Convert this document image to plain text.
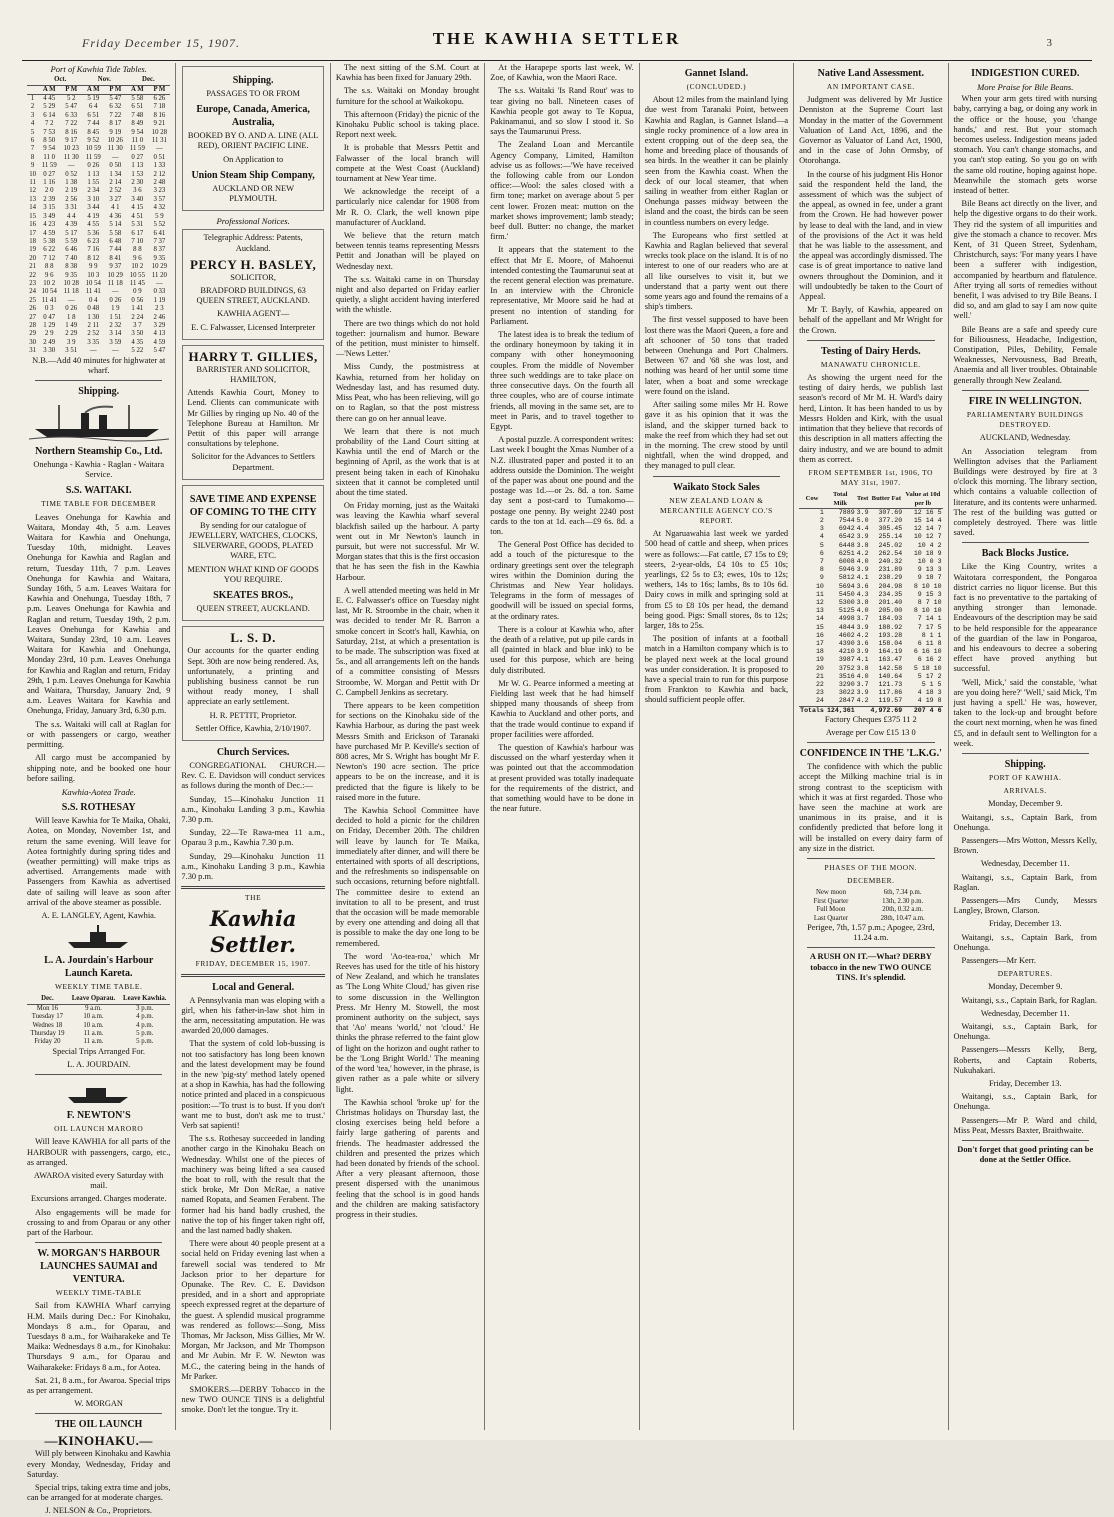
Friday December 15, 1907.	THE KAWHIA SETTLER	3
Port of Kawhia Tide Tables.
	Oct.		Nov.		Dec.	
	A M	P M	A M	P M	A M	P M
1	4 45	5 2	5 19	5 47	5 58	6 26
2	5 29	5 47	6 4	6 32	6 51	7 18
3	6 14	6 33	6 51	7 22	7 48	8 16
4	7 2	7 22	7 44	8 17	8 49	9 21
5	7 53	8 16	8 45	9 19	9 54	10 28
6	8 50	9 17	9 52	10 26	11 0	11 31
7	9 54	10 23	10 59	11 30	11 59	—
8	11 0	11 30	11 59	—	0 27	0 51
9	11 59	—	0 26	0 50	1 13	1 33
10	0 27	0 52	1 13	1 34	1 53	2 12
11	1 16	1 38	1 55	2 14	2 30	2 48
12	2 0	2 19	2 34	2 52	3 6	3 23
13	2 39	2 56	3 10	3 27	3 40	3 57
14	3 15	3 31	3 44	4 1	4 15	4 32
15	3 49	4 4	4 19	4 36	4 51	5 9
16	4 23	4 39	4 55	5 14	5 31	5 52
17	4 59	5 17	5 36	5 58	6 17	6 41
18	5 38	5 59	6 23	6 48	7 10	7 37
19	6 22	6 46	7 16	7 44	8 8	8 37
20	7 12	7 40	8 12	8 41	9 6	9 35
21	8 8	8 38	9 9	9 37	10 2	10 29
22	9 6	9 35	10 3	10 29	10 55	11 20
23	10 2	10 28	10 54	11 18	11 45	—
24	10 54	11 18	11 41	—	0 9	0 33
25	11 41	—	0 4	0 26	0 56	1 19
26	0 3	0 26	0 48	1 9	1 41	2 3
27	0 47	1 8	1 30	1 51	2 24	2 46
28	1 29	1 49	2 11	2 32	3 7	3 29
29	2 9	2 29	2 52	3 14	3 50	4 13
30	2 49	3 9	3 35	3 59	4 35	4 59
31	3 30	3 51	—	—	5 22	5 47

N.B.—Add 40 minutes for highwater at wharf.

Shipping.
Northern Steamship Co., Ltd.

Onehunga - Kawhia - Raglan - Waitara Service.

S.S. WAITAKI.
TIME TABLE FOR DECEMBER

Leaves Onehunga for Kawhia and Waitara, Monday 4th, 5 a.m. Leaves Waitara for Kawhia and Onehunga, Tuesday 10th, midnight. Leaves Onehunga for Kawhia and Raglan and return, Tuesday 11th, 7 p.m. Leaves Onehunga for Kawhia and Waitara, Sunday 16th, 5 a.m. Leaves Waitara for Kawhia and Onehunga, Tuesday 18th, 7 p.m. Leaves Onehunga for Kawhia and Raglan and return, Tuesday 19th, 2 p.m. Leaves Onehunga for Kawhia and Waitara, Sunday 23rd, 10 a.m. Leaves Waitara for Kawhia and Onehunga, Monday 23rd, 10 p.m. Leaves Onehunga for Kawhia and Raglan and return, Friday 29th, 1 p.m. Leaves Onehunga for Kawhia and Waitara, Thursday, January 2nd, 9 a.m. Leaves Waitara for Kawhia and Onehunga, Friday, January 3rd, 6.30 p.m.

The s.s. Waitaki will call at Raglan for or with passengers or cargo, weather permitting.

All cargo must be accompanied by shipping note, and be booked one hour before sailing.

Kawhia-Aotea Trade.
S.S. ROTHESAY

Will leave Kawhia for Te Maika, Ohaki, Aotea, on Monday, November 1st, and return the same evening. Will leave for Aotea fortnightly during spring tides and (weather permitting) will make trips as advertised. Arrangements made with Passengers from Kawhia as advertised date of sailing will leave as soon after arrival of the above steamer as possible.

A. E. LANGLEY, Agent, Kawhia.

L. A. Jourdain's Harbour Launch Kareta.
WEEKLY TIME TABLE.
Dec.	Leave Oparau.	Leave Kawhia.
Mon 16	9 a.m.	3 p.m.
Tuesday 17	10 a.m.	4 p.m.
Wednes 18	10 a.m.	4 p.m.
Thursday 19	11 a.m.	5 p.m.
Friday 20	11 a.m.	5 p.m.

Special Trips Arranged For.

L. A. JOURDAIN.

F. NEWTON'S
OIL LAUNCH MARORO

Will leave KAWHIA for all parts of the HARBOUR with passengers, cargo, etc., as arranged.

AWAROA visited every Saturday with mail.

Excursions arranged. Charges moderate.

Also engagements will be made for crossing to and from Oparau or any other part of the Harbour.

W. MORGAN'S HARBOUR LAUNCHES SAUMAI and VENTURA.
WEEKLY TIME-TABLE

Sail from KAWHIA Wharf carrying H.M. Mails during Dec.: For Kinohaku, Mondays 8 a.m., for Oparau, and Tuesdays 8 a.m., for Waiharakeke and Te Maika: Wednesdays 8 a.m., for Kinohaku: Thursdays 9 a.m., for Oparau and Waiharakeke: Fridays 8 a.m., for Aotea.

Sat. 21, 8 a.m., for Awaroa. Special trips as per arrangement.

W. MORGAN

THE OIL LAUNCH
—KINOHAKU.—

Will ply between Kinohaku and Kawhia every Monday, Wednesday, Friday and Saturday.

Special trips, taking extra time and jobs, can be arranged for at moderate charges.

J. NELSON & Co., Proprietors.

Shipping.

PASSAGES TO OR FROM

Europe, Canada, America, Australia,

BOOKED BY O. AND A. LINE (ALL RED), ORIENT PACIFIC LINE.

On Application to

Union Steam Ship Company,

AUCKLAND OR NEW PLYMOUTH.

Professional Notices.

Telegraphic Address: Patents, Auckland.

PERCY H. BASLEY,

SOLICITOR,

BRADFORD BUILDINGS, 63 QUEEN STREET, AUCKLAND.

KAWHIA AGENT—

E. C. Falwasser, Licensed Interpreter

HARRY T. GILLIES,

BARRISTER AND SOLICITOR, HAMILTON,

Attends Kawhia Court, Money to Lend. Clients can communicate with Mr Gillies by ringing up No. 40 of the Telephone Bureau at Hamilton. Mr Pettit of this paper will arrange consultations by telephone.

Solicitor for the Advances to Settlers Department.

SAVE TIME AND EXPENSE OF COMING TO THE CITY

By sending for our catalogue of JEWELLERY, WATCHES, CLOCKS, SILVERWARE, GOODS, PLATED WARE, ETC.

MENTION WHAT KIND OF GOODS YOU REQUIRE.

SKEATES BROS.,

QUEEN STREET, AUCKLAND.

L. S. D.

Our accounts for the quarter ending Sept. 30th are now being rendered. As, unfortunately, a printing and publishing business cannot be run without ready money, I shall appreciate an early settlement.

H. R. PETTIT, Proprietor.

Settler Office, Kawhia, 2/10/1907.

Church Services.

CONGREGATIONAL CHURCH.—Rev. C. E. Davidson will conduct services as follows during the month of Dec.:—

Sunday, 15—Kinohaku Junction 11 a.m., Kinohaku Landing 3 p.m., Kawhia 7.30 p.m.

Sunday, 22—Te Rawa-mea 11 a.m., Oparau 3 p.m., Kawhia 7.30 p.m.

Sunday, 29—Kinohaku Junction 11 a.m., Kinohaku Landing 3 p.m., Kawhia 7.30 p.m.

THE
Kawhia Settler.
FRIDAY, DECEMBER 15, 1907.
Local and General.

A Pennsylvania man was eloping with a girl, when his father-in-law shot him in the arm, necessitating amputation. He was awarded 20,000 damages.

That the system of cold lob-bussing is not too satisfactory has long been known and the latest development may be found in the new 'pig-sty' method lately opened at a shop in Kawhia, has had the following notice printed and placed in a conspicuous position:—'To trust is to bust. If you don't want me to bust, don't ask me to trust.' Verb sat sapienti!

The s.s. Rothesay succeeded in landing another cargo in the Kinohaku Beach on Wednesday. Whilst one of the pieces of machinery was being lifted a sea caused the boat to roll, with the result that the stick broke, Mr Don McRae, a native named Ropata, and Seamen Ferabent. The former had his hand badly crushed, the native the top of his finger taken right off, and the last named badly shaken.

There were about 40 people present at a social held on Friday evening last when a farewell social was tendered to Mr Jackson prior to her departure for Opunake. The Rev. C. E. Davidson presided, and in a short and appropriate speech expressed regret at the departure of the guest. A splendid musical programme was rendered as follows:—Song, Miss Thomas, Mr Jackson, Miss Gillies, Mr W. Morgan, Mr Jackson, and Mr Thompson and Mr Aubin. Mr F. W. Newton was M.C., the catering being in the hands of Mr Parker.

SMOKERS.—DERBY Tobacco in the new TWO OUNCE TINS is a delightful smoke. Don't let the tongue. Try it.

The next sitting of the S.M. Court at Kawhia has been fixed for January 29th.

The s.s. Waitaki on Monday brought furniture for the school at Waikokopu.

This afternoon (Friday) the picnic of the Kinohaku Public school is taking place. Report next week.

It is probable that Messrs Pettit and Falwasser of the local branch will compete at the West Coast (Auckland) tournament at New Year time.

We acknowledge the receipt of a particularly nice calendar for 1908 from Mr R. O. Clark, the well known pipe manufacturer of Auckland.

We believe that the return match between tennis teams representing Messrs Pettit and Jonathan will be played on Wednesday next.

The s.s. Waitaki came in on Thursday night and also departed on Friday earlier quietly, a slight accident having interfered with the whistle.

There are two things which do not hold together: journalism and humor. Beware of the petition, must minister to himself.—'News Letter.'

Miss Cundy, the postmistress at Kawhia, returned from her holiday on Wednesday last, and has resumed duty. Miss Peat, who has been relieving, will go on to Raglan, so that the post mistress there can go on her annual leave.

We learn that there is not much probability of the Land Court sitting at Kawhia until the end of March or the beginning of April, as the work that is at present being taken in each of Kinohaku sixteen that it cannot be completed until about the time stated.

On Friday morning, just as the Waitaki was leaving the Kawhia wharf several blackfish sailed up the harbour. A party went out in Mr Newton's launch in pursuit, but were not successful. Mr W. Morgan states that this is the first occasion that he has seen the fish in the Kawhia Harbour.

A well attended meeting was held in Mr E. C. Falwasser's office on Tuesday night last, Mr R. Stroombe in the chair, when it was decided to tender Mr R. Barron a smoke concert in Scott's hall, Kawhia, on Saturday, 21st, at which a presentation is to be made. The subscription was fixed at 5s., and all arrangements left on the hands of a committee consisting of Messrs Stroombe, W. Morgan and Pettit with Dr C. Campbell Jenkins as secretary.

There appears to be keen competition for sections on the Kinohaku side of the Kawhia Harbour, as during the past week Messrs Smith and Erickson of Taranaki have purchased Mr P. Keville's section of 808 acres, Mr S. Wright has bought Mr F. Newton's 190 acre section. The price appears to be on the increase, and it is predicted that the figure is likely to be raised more in the future.

The Kawhia School Committee have decided to hold a picnic for the children on Friday, December 20th. The children will leave by launch for Te Maika, immediately after dinner, and will there be entertained with sports of all descriptions, and the refreshments so indispensable on such occasions, returning before nightfall. The committee desire to extend an invitation to all to be present, and trust that the occasion will be made memorable by every one attending and doing all that is possible to make the day one long to be remembered.

The word 'Ao-tea-roa,' which Mr Reeves has used for the title of his history of New Zealand, and which he translates as 'The Long White Cloud,' has given rise to some discussion in the Wellington Press. Mr Henry M. Stowell, the most prominent authority on the subject, says that 'Ao' means 'world,' not 'cloud.' He thinks the phrase referred to the faint glow of light on the horizon and ought rather to be the 'Long Bright World.' The meaning of the word 'tea,' however, in the phrase, is given rather as a pale white or silvery light.

The Kawhia school 'broke up' for the Christmas holidays on Thursday last, the closing exercises being held before a fairly large gathering of parents and friends. The headmaster addressed the children and presented the prizes which had been donated by friends of the school. After a very pleasant afternoon, those present dispersed with the unanimous feeling that the school is in good hands and the children are making satisfactory progress in their studies.

At the Harapepe sports last week, W. Zoe, of Kawhia, won the Maori Race.

The s.s. Waitaki 'Is Rand Rout' was to tear giving no ball. Nineteen cases of Kawhia people got away to Te Kopua, Pakinamanui, and so slow I stood it. So says the Taumarunui Press.

The Zealand Loan and Mercantile Agency Company, Limited, Hamilton advise us as follows:—'We have received the following cable from our London office:—Wool: the sales closed with a firm tone; market on average about 5 per cent lower. Frozen meat: mutton on the market shows improvement; lamb steady; beef dull. Butter: no change, the market firm.'

It appears that the statement to the effect that Mr E. Moore, of Mahoenui intended contesting the Taumarunui seat at the recent general election was premature. In an interview with the Chronicle representative, Mr Moore said he had at present no intention of standing for Parliament.

The latest idea is to break the tedium of the ordinary honeymoon by taking it in company with other honeymooning couples. From the middle of November three such weddings are to take place on three consecutive days. On the fourth all three couples, who are of course intimate friends, all moving in the same set, are to meet in Paris, and to travel together to Egypt.

A postal puzzle. A correspondent writes: Last week I bought the Xmas Number of a N.Z. illustrated paper and posted it to an address outside the Dominion. The weight of the paper was about one pound and the postage was 1d.—or 2s. 8d. a ton. Same day sent a post-card to Tumakomo—postage one penny. By weight 2240 post cards to the ton at 1d. each—£9 6s. 8d. a ton.

The General Post Office has decided to add a touch of the picturesque to the ordinary greetings sent over the telegraph wires within the Dominion during the Christmas and New Year holidays. Telegrams in the form of messages of goodwill will be issued on special forms, at the ordinary rates.

There is a colour at Kawhia who, after the death of a relative, put up pile cards in all (painted in black and blue ink) to be used for this purpose, which are being duly distributed.

Mr W. G. Pearce informed a meeting at Fielding last week that he had himself shipped many thousands of sheep from Kawhia to Auckland and other ports, and that the trade would continue to expand if proper facilities were afforded.

The question of Kawhia's harbour was discussed on the wharf yesterday when it was pointed out that the accommodation at present provided was totally inadequate for the requirements of the district, and that something would have to be done in the near future.

Gannet Island.
(CONCLUDED.)

About 12 miles from the mainland lying due west from Taranaki Point, between Kawhia and Raglan, is Gannet Island—a single rocky prominence of a low area in extent cropping out of the deep sea, the home and breeding place of thousands of sea birds. In the weather it can be plainly seen from the Kawhia coast. When the deck of our local steamer, that when sailing in weather from either Raglan or Onehunga passes midway between the island and the coast, the birds can be seen in countless numbers on every ledge.

The Europeans who first settled at Kawhia and Raglan believed that several wrecks took place on the island. It is of no interest to one of our readers who are at all like ourselves to visit it, but we understand that a party went out there some years ago and found the remains of a ship's timbers.

The first vessel supposed to have been lost there was the Maori Queen, a fore and aft schooner of 50 tons that traded between Onehunga and Port Chalmers. Between '67 and '68 she was lost, and nothing was heard of her until some time later, when a boat and some wreckage were found on the island.

After sailing some miles Mr H. Rowe gave it as his opinion that it was the island, and the skipper turned back to make the reef from which they had set out in the morning. The crew stood by until nightfall, when the wind dropped, and they managed to pull clear.

Waikato Stock Sales
NEW ZEALAND LOAN & MERCANTILE AGENCY CO.'S REPORT.

At Ngaruawahia last week we yarded 500 head of cattle and sheep, when prices were as follows:—Fat cattle, £7 15s to £9; steers, 2-year-olds, £4 10s to £5 10s; yearlings, £2 5s to £3; ewes, 10s to 12s; wethers, 14s to 16s; lambs, 8s to 10s 6d. Dairy cows in milk and springing sold at from £5 to £8 10s per head, the demand being good. Pigs: Small stores, 8s to 12s; larger, 18s to 25s.

The position of infants at a football match in a Hamilton company which is to be played next week at the local ground was under consideration. It is proposed to have a special train to run for this purpose from Frankton to Kawhia and back, should sufficient people offer.

Native Land Assessment.
AN IMPORTANT CASE.

Judgment was delivered by Mr Justice Denniston at the Supreme Court last Monday in the matter of the Government Valuation of Land Act, 1896, and the Governor as Valuator of Land Act, 1900, and in the case of John Ormsby, of Otorohanga.

In the course of his judgment His Honor said the respondent held the land, the assessment of which was the subject of the appeal, as owned in fee, under a grant from the Crown. He had however power by lease to deal with the land, and in view of the provisions of the Act it was held that he was liable to the assessment, and the appeal was accordingly dismissed. The case is of great importance to native land owners throughout the Dominion, and it will undoubtedly be taken to the Court of Appeal.

Mr T. Bayly, of Kawhia, appeared on behalf of the appellant and Mr Wright for the Crown.

Testing of Dairy Herds.
MANAWATU CHRONICLE.

As showing the urgent need for the testing of dairy herds, we publish last season's record of Mr M. H. Ward's dairy herd, Linton. It has been handed to us by Messrs Holden and Kirk, with the usual intimation that they believe that records of this description in all matters affecting the dairy industry, and we are bound to admit them as correct.

FROM SEPTEMBER 1st, 1906, TO MAY 31st, 1907.
Cow	Total Milk	Test	Butter Fat	Value at 10d per lb
1	7889	3.9	307.69	12 16 5
2	7544	5.0	377.20	15 14 4
3	6942	4.4	305.45	12 14 7
4	6542	3.9	255.14	10 12 7
5	6448	3.8	245.02	10 4 2
6	6251	4.2	262.54	10 18 9
7	6008	4.0	240.32	10 0 3
8	5946	3.9	231.89	9 13 3
9	5812	4.1	238.29	9 18 7
10	5694	3.6	204.98	8 10 10
11	5450	4.3	234.35	9 15 3
12	5300	3.8	201.40	8 7 10
13	5125	4.0	205.00	8 10 10
14	4998	3.7	184.93	7 14 1
15	4844	3.9	188.92	7 17 5
16	4602	4.2	193.28	8 1 1
17	4390	3.6	158.04	6 11 8
18	4210	3.9	164.19	6 16 10
19	3987	4.1	163.47	6 16 2
20	3752	3.8	142.58	5 18 10
21	3516	4.0	140.64	5 17 2
22	3290	3.7	121.73	5 1 5
23	3022	3.9	117.86	4 18 3
24	2847	4.2	119.57	4 19 8
Totals	124,361		4,972.69	207 4 6

Factory Cheques £375 11 2

Average per Cow £15 13 0

CONFIDENCE IN THE 'L.K.G.'

The confidence with which the public accept the Milking machine trial is in strong contrast to the scepticism with which it was at first regarded. Those who have seen the machine at work are unanimous in its praise, and it is confidently predicted that before long it will be installed on every dairy farm of any size in the district.

PHASES OF THE MOON.
DECEMBER.
New moon	6th, 7.34 p.m.
First Quarter	13th, 2.30 p.m.
Full Moon	20th, 0.32 a.m.
Last Quarter	28th, 10.47 a.m.

Perigee, 7th, 1.57 p.m.; Apogee, 23rd, 11.24 a.m.

A RUSH ON IT.—What? DERBY tobacco in the new TWO OUNCE TINS. It's splendid.

INDIGESTION CURED.
More Praise for Bile Beans.

When your arm gets tired with nursing baby, carrying a bag, or doing any work in the office or the house, you 'change hands,' and rest. But your stomach becomes useless. Indigestion means jaded stomach. You can't change stomachs, and you can't stop eating. So you go on with the same old routine, hoping against hope. Meanwhile the stomach gets worse instead of better.

Bile Beans act directly on the liver, and help the digestive organs to do their work. They rid the system of all impurities and give the stomach a chance to recover. Mrs Kent, of 31 Queen Street, Sydenham, Christchurch, says: 'For many years I have been a sufferer with indigestion, accompanied by heartburn and flatulence. After trying all sorts of remedies without benefit, I was advised to try Bile Beans. I did so, and am glad to say I am now quite well.'

Bile Beans are a safe and speedy cure for Biliousness, Headache, Indigestion, Constipation, Piles, Debility, Female Weaknesses, Nervousness, Bad Breath, Anaemia and all liver troubles. Obtainable generally through New Zealand.

FIRE IN WELLINGTON.
PARLIAMENTARY BUILDINGS DESTROYED.

AUCKLAND, Wednesday.

An Association telegram from Wellington advises that the Parliament Buildings were destroyed by fire at 3 o'clock this morning. The library section, which contains a valuable collection of literature, and its contents were unharmed. The rest of the building was gutted or completely destroyed. There was little saved.

Back Blocks Justice.

Like the King Country, writes a Waitotara correspondent, the Pongaroa district carries no liquor license. But this fact is no preventative to the partaking of anything stronger than lemonade. Endeavours of the description may be said to be held responsible for the appearance of the guardian of the law in Pongaroa, and his endeavours to decree a sobering effect have proved anything but successful.

'Well, Mick,' said the constable, 'what are you doing here?' 'Well,' said Mick, 'I'm just having a spell.' He was, however, taken to the lock-up and brought before the court next morning, when he was fined £5, and in default sent to Wellington for a week.

Shipping.
PORT OF KAWHIA.
ARRIVALS.

Monday, December 9.

Waitangi, s.s., Captain Bark, from Onehunga.

Passengers—Mrs Wotton, Messrs Kelly, Brown.

Wednesday, December 11.

Waitangi, s.s., Captain Bark, from Raglan.

Passengers—Mrs Cundy, Messrs Langley, Brown, Clarson.

Friday, December 13.

Waitangi, s.s., Captain Bark, from Onehunga.

Passengers—Mr Kerr.

DEPARTURES.

Monday, December 9.

Waitangi, s.s., Captain Bark, for Raglan.

Wednesday, December 11.

Waitangi, s.s., Captain Bark, for Onehunga.

Passengers—Messrs Kelly, Berg, Roberts, and Captain Roberts, Nukuhakari.

Friday, December 13.

Waitangi, s.s., Captain Bark, for Onehunga.

Passengers—Mr P. Ward and child, Miss Peat, Messrs Baxter, Braithwaite.

Don't forget that good printing can be done at the Settler Office.
